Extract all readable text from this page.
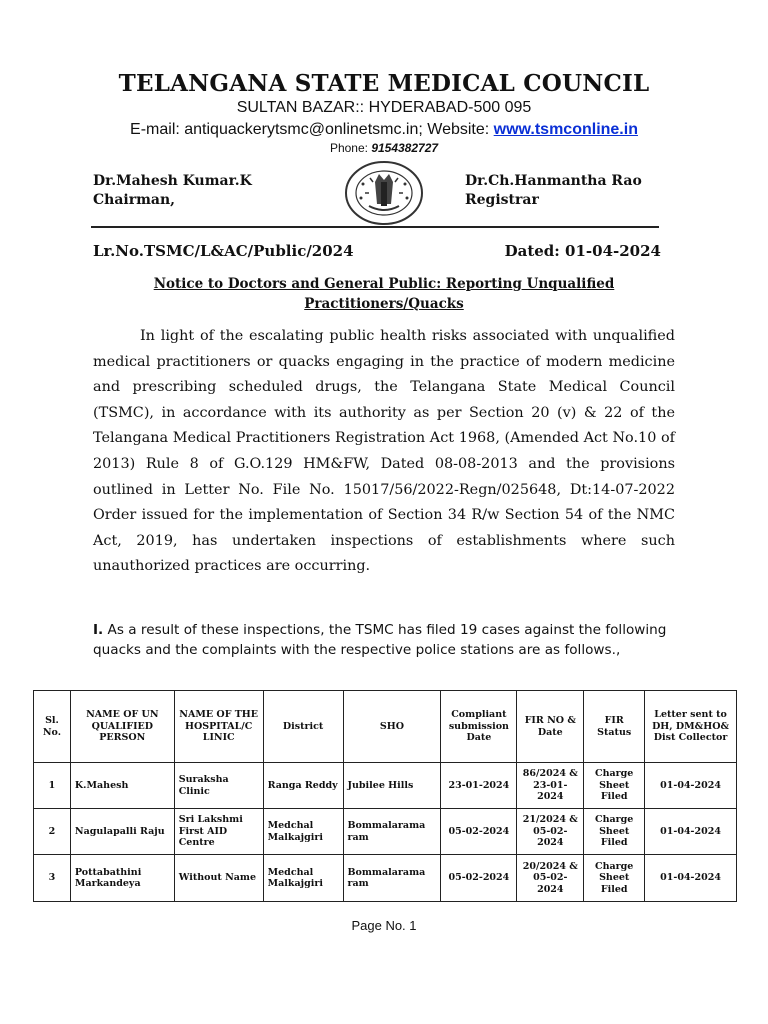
TELANGANA STATE MEDICAL COUNCIL
SULTAN BAZAR:: HYDERABAD-500 095
E-mail: antiquackerytsmc@onlinetsmc.in; Website: www.tsmconline.in
Phone: 9154382727
Dr.Mahesh Kumar.K
Chairman,
Dr.Ch.Hanmantha Rao
Registrar
Lr.No.TSMC/L&AC/Public/2024	Dated: 01-04-2024
Notice to Doctors and General Public: Reporting Unqualified Practitioners/Quacks
In light of the escalating public health risks associated with unqualified medical practitioners or quacks engaging in the practice of modern medicine and prescribing scheduled drugs, the Telangana State Medical Council (TSMC), in accordance with its authority as per Section 20 (v) & 22 of the Telangana Medical Practitioners Registration Act 1968, (Amended Act No.10 of 2013) Rule 8 of G.O.129 HM&FW, Dated 08-08-2013 and the provisions outlined in Letter No. File No. 15017/56/2022-Regn/025648, Dt:14-07-2022 Order issued for the implementation of Section 34 R/w Section 54 of the NMC Act, 2019, has undertaken inspections of establishments where such unauthorized practices are occurring.
I. As a result of these inspections, the TSMC has filed 19 cases against the following quacks and the complaints with the respective police stations are as follows.,
Sl. No.	NAME OF UN QUALIFIED PERSON	NAME OF THE HOSPITAL/C LINIC	District	SHO	Compliant submission Date	FIR NO & Date	FIR Status	Letter sent to DH, DM&HO& Dist Collector
1	K.Mahesh	Suraksha Clinic	Ranga Reddy	Jubilee Hills	23-01-2024	86/2024 & 23-01-2024	Charge Sheet Filed	01-04-2024
2	Nagulapalli Raju	Sri Lakshmi First AID Centre	Medchal Malkajgiri	Bommalarama ram	05-02-2024	21/2024 & 05-02-2024	Charge Sheet Filed	01-04-2024
3	Pottabathini Markandeya	Without Name	Medchal Malkajgiri	Bommalarama ram	05-02-2024	20/2024 & 05-02-2024	Charge Sheet Filed	01-04-2024
Page No. 1
